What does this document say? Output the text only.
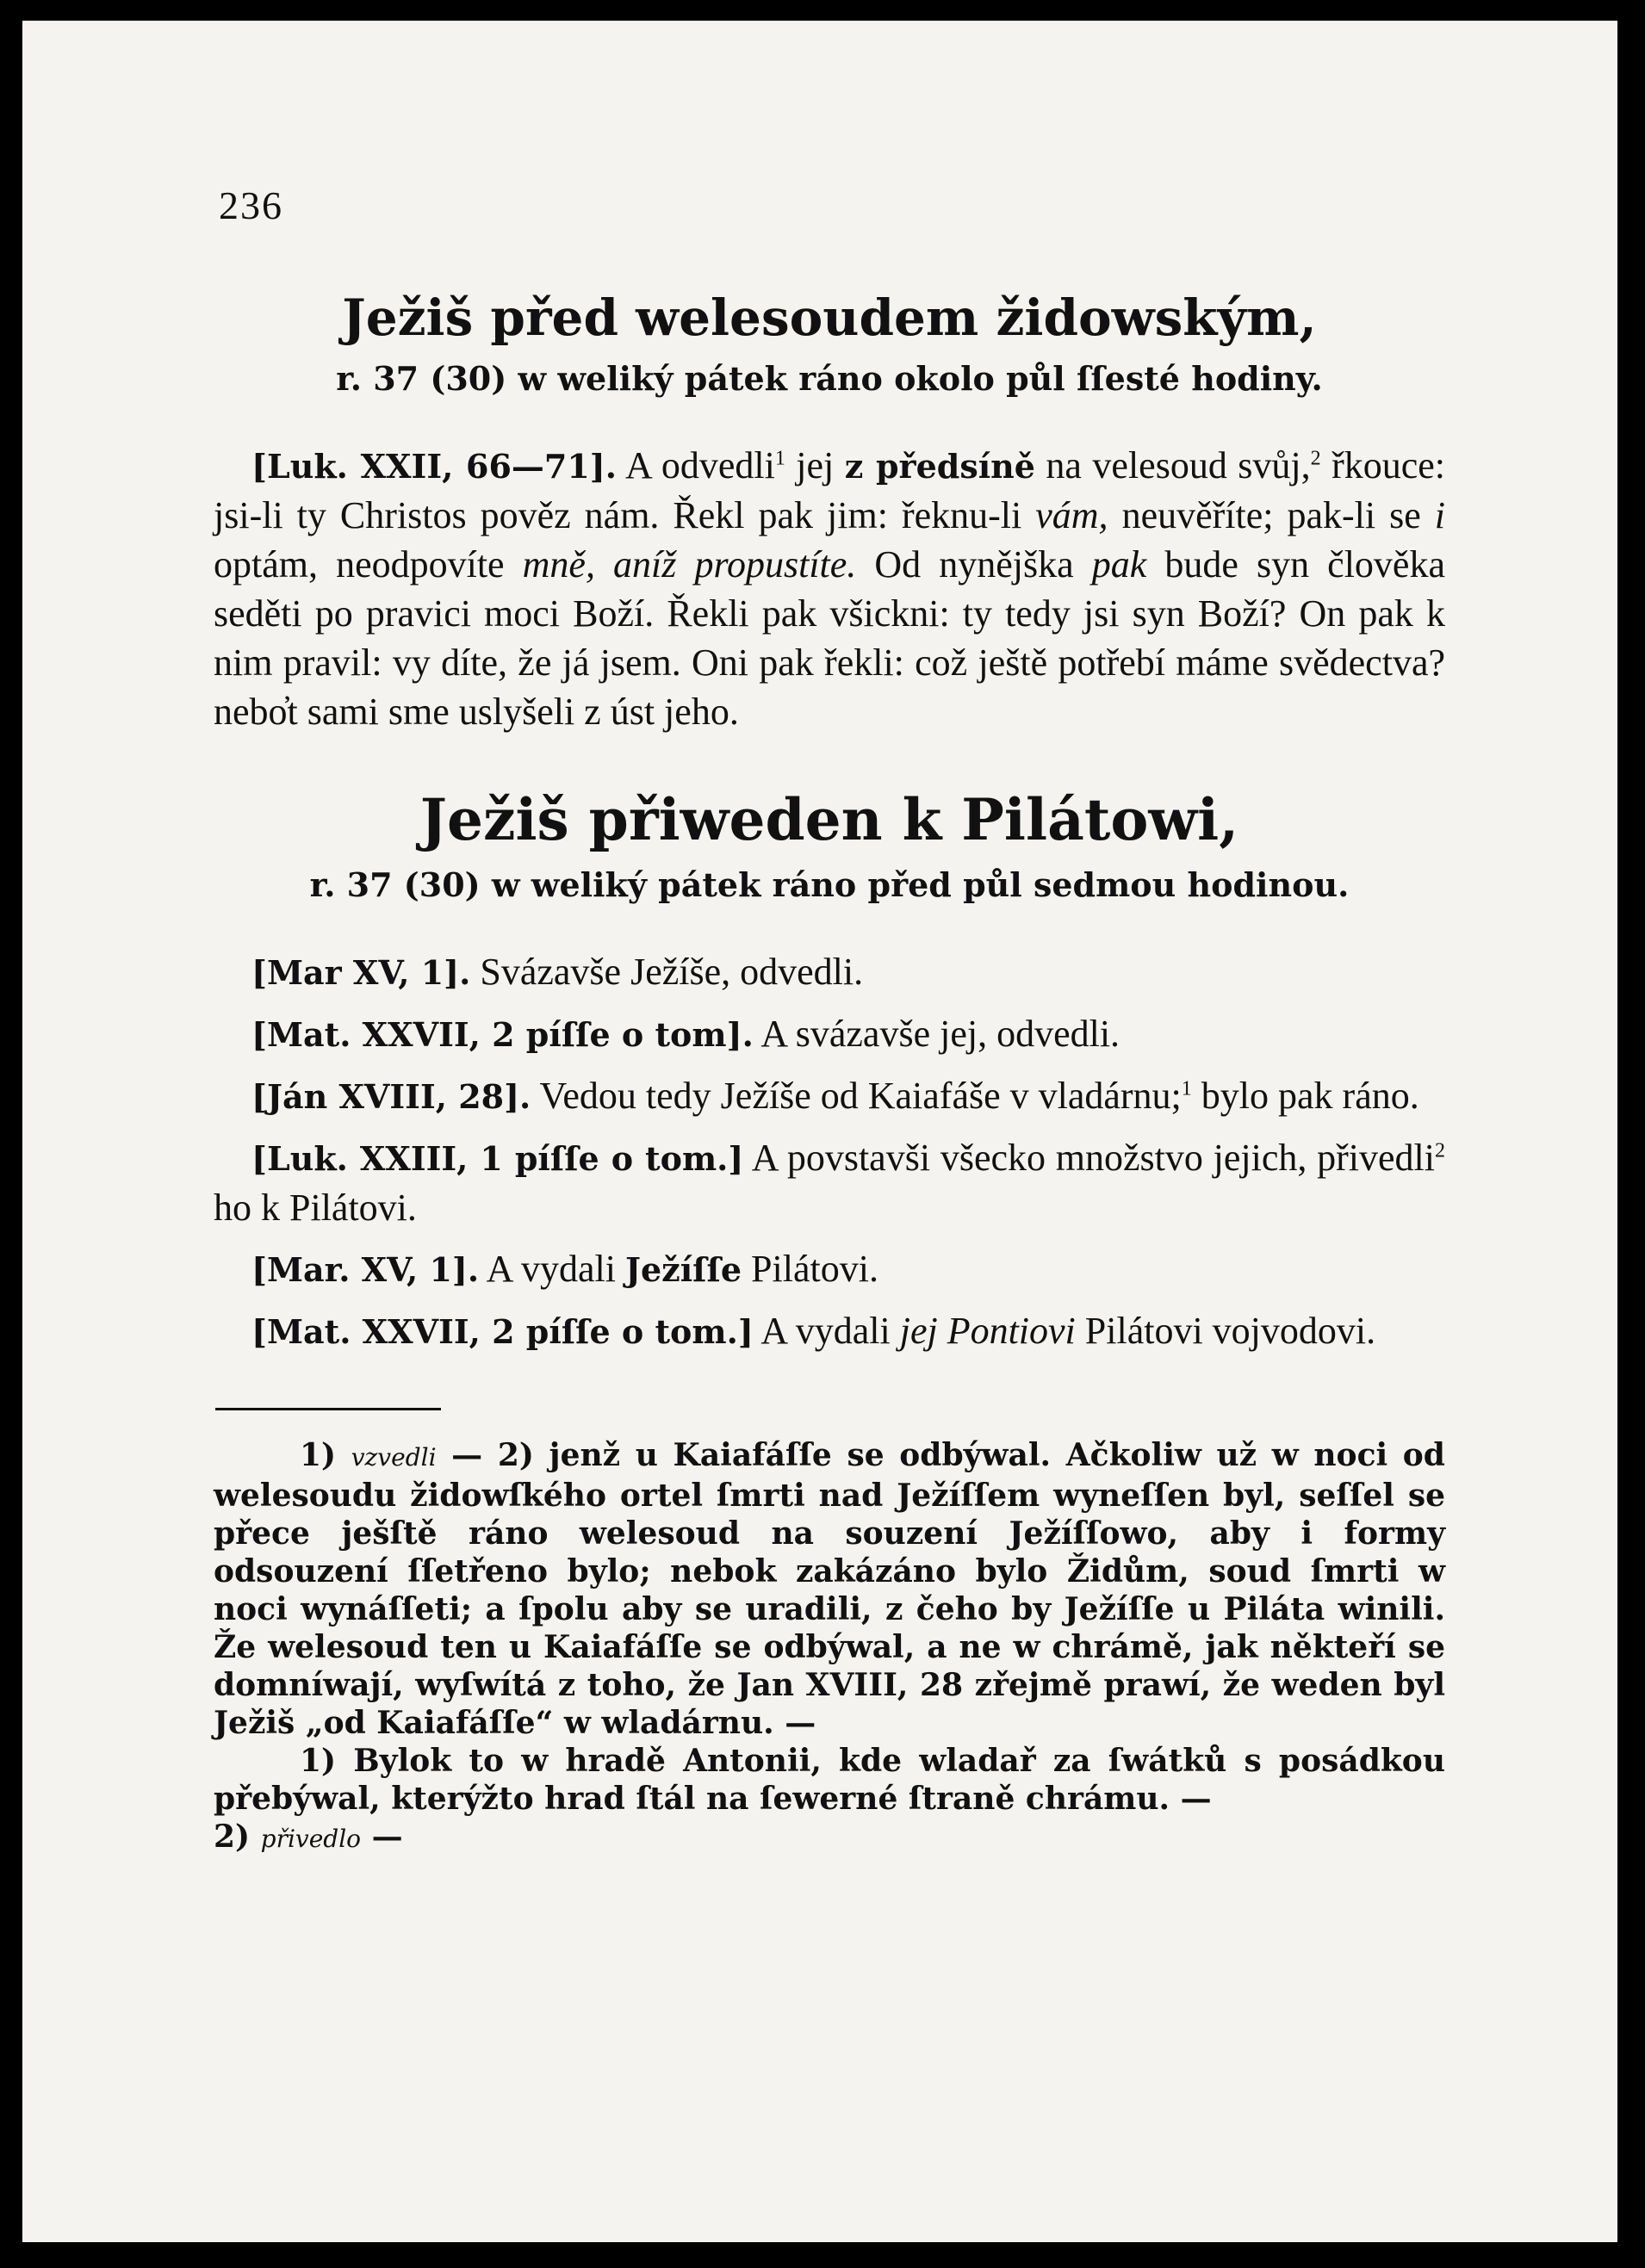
236
Ježiš před welesoudem židowským,
r. 37 (30) w weliký pátek ráno okolo půl ſſesté hodiny.

[Luk. XXII, 66—71]. A odvedli$^1$ jej z předsíně na velesoud svůj,$^2$ řkouce: jsi-li ty Christos pověz nám. Řekl pak jim: řeknu-li vám, neuvěříte; pak-li se i optám, neodpovíte mně, aníž propustíte. Od nynějška pak bude syn člověka seděti po pravici moci Boží. Řekli pak všickni: ty tedy jsi syn Boží? On pak k nim pravil: vy díte, že já jsem. Oni pak řekli: což ještě potřebí máme svědectva? nebo̓t sami sme uslyšeli z úst jeho.

Ježiš přiweden k Pilátowi,
r. 37 (30) w weliký pátek ráno před půl sedmou hodinou.

[Mar XV, 1]. Svázavše Ježíše, odvedli.

[Mat. XXVII, 2 píſſe o tom]. A svázavše jej, odvedli.

[Ján XVIII, 28]. Vedou tedy Ježíše od Kaiafáše v vladárnu;$^1$ bylo pak ráno.

[Luk. XXIII, 1 píſſe o tom.] A povstavši všecko množstvo jejich, přivedli$^2$ ho k Pilátovi.

[Mar. XV, 1]. A vydali Ježíſſe Pilátovi.

[Mat. XXVII, 2 píſſe o tom.] A vydali jej Pontiovi Pilátovi vojvodovi.

1) vzvedli — 2) jenž u Kaiafáſſe se odbýwal. Ačkoliw už w noci od welesoudu židowſkého ortel ſmrti nad Ježíſſem wyneſſen byl, seſſel se přece ješſtě ráno welesoud na souzení Ježíſſowo, aby i formy odsouzení ſſetřeno bylo; nebok zakázáno bylo Židům, soud ſmrti w noci wynáſſeti; a ſpolu aby se uradili, z čeho by Ježíſſe u Piláta winili. Že welesoud ten u Kaiafáſſe se odbýwal, a ne w chrámě, jak někteří se domníwají, wyſwítá z toho, že Jan XVIII, 28 zřejmě prawí, že weden byl Ježiš „od Kaiafáſſe“ w wladárnu. —

1) Bylok to w hradě Antonii, kde wladař za ſwátků s posádkou přebýwal, kterýžto hrad ſtál na ſewerné ſtraně chrámu. —

2) přivedlo —
